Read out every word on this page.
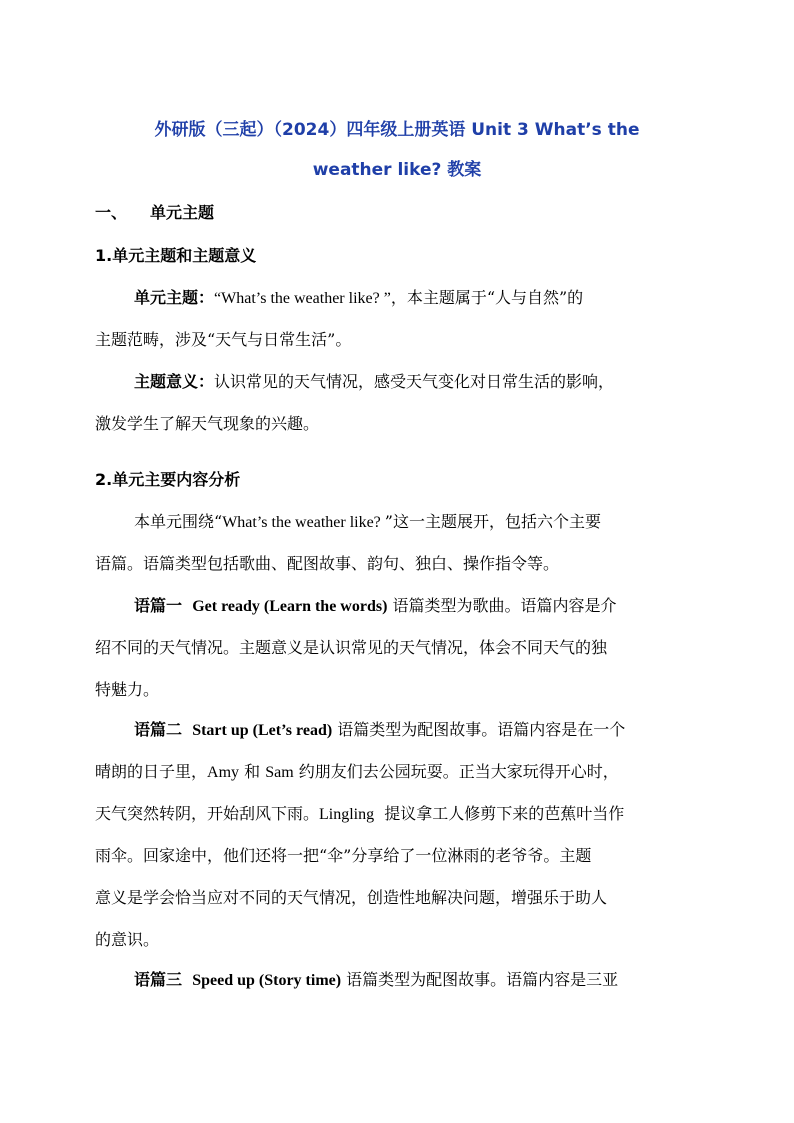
外研版（三起）（2024）四年级上册英语 Unit 3 What’s the
weather like? 教案
一、 单元主题
1.单元主题和主题意义
单元主题：“What’s the weather like? ”，本主题属于“人与自然”的
主题范畴，涉及“天气与日常生活”。
主题意义：认识常见的天气情况，感受天气变化对日常生活的影响，
激发学生了解天气现象的兴趣。
2.单元主要内容分析
本单元围绕“What’s the weather like? ”这一主题展开，包括六个主要
语篇。语篇类型包括歌曲、配图故事、韵句、独白、操作指令等。
语篇一 Get ready (Learn the words) 语篇类型为歌曲。语篇内容是介
绍不同的天气情况。主题意义是认识常见的天气情况，体会不同天气的独
特魅力。
语篇二 Start up (Let’s read) 语篇类型为配图故事。语篇内容是在一个
晴朗的日子里，Amy 和 Sam 约朋友们去公园玩耍。正当大家玩得开心时，
天气突然转阴，开始刮风下雨。Lingling 提议拿工人修剪下来的芭蕉叶当作
雨伞。回家途中，他们还将一把“伞”分享给了一位淋雨的老爷爷。主题
意义是学会恰当应对不同的天气情况，创造性地解决问题，增强乐于助人
的意识。
语篇三 Speed up (Story time) 语篇类型为配图故事。语篇内容是三亚
